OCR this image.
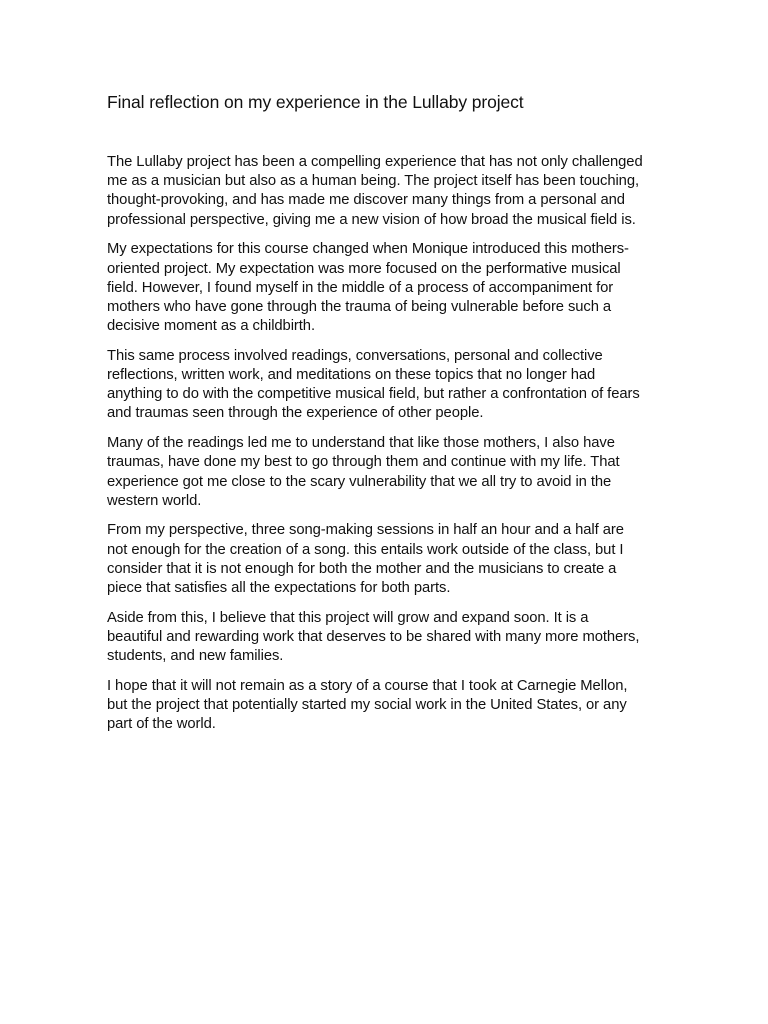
Final reflection on my experience in the Lullaby project

The Lullaby project has been a compelling experience that has not only challenged
me as a musician but also as a human being. The project itself has been touching,
thought-provoking, and has made me discover many things from a personal and
professional perspective, giving me a new vision of how broad the musical field is.

My expectations for this course changed when Monique introduced this mothers-
oriented project. My expectation was more focused on the performative musical
field. However, I found myself in the middle of a process of accompaniment for
mothers who have gone through the trauma of being vulnerable before such a
decisive moment as a childbirth.

This same process involved readings, conversations, personal and collective
reflections, written work, and meditations on these topics that no longer had
anything to do with the competitive musical field, but rather a confrontation of fears
and traumas seen through the experience of other people.

Many of the readings led me to understand that like those mothers, I also have
traumas, have done my best to go through them and continue with my life. That
experience got me close to the scary vulnerability that we all try to avoid in the
western world.

From my perspective, three song-making sessions in half an hour and a half are
not enough for the creation of a song. this entails work outside of the class, but I
consider that it is not enough for both the mother and the musicians to create a
piece that satisfies all the expectations for both parts.

Aside from this, I believe that this project will grow and expand soon. It is a
beautiful and rewarding work that deserves to be shared with many more mothers,
students, and new families.

I hope that it will not remain as a story of a course that I took at Carnegie Mellon,
but the project that potentially started my social work in the United States, or any
part of the world.
